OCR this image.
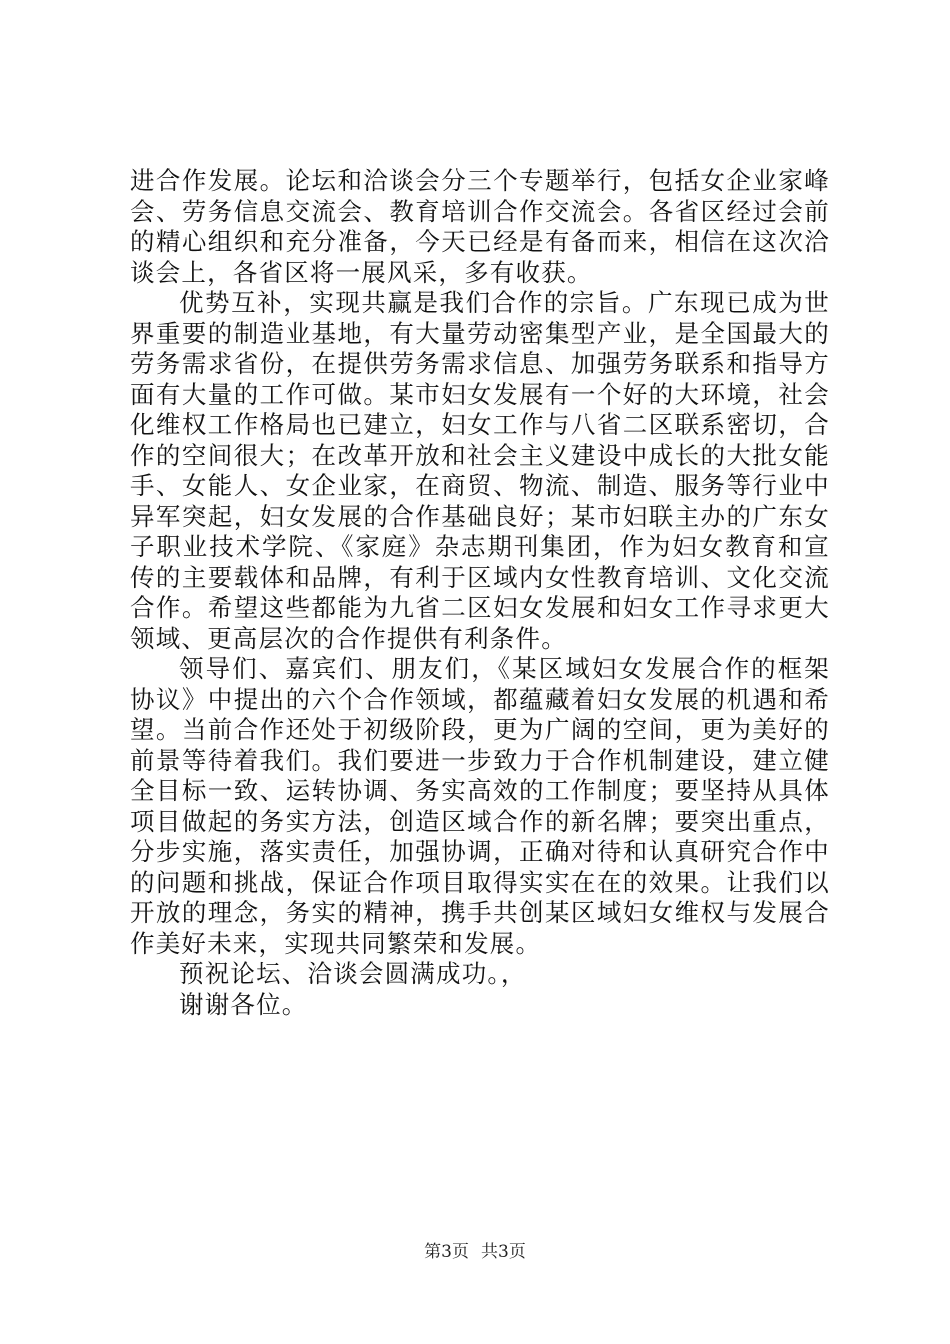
进合作发展。论坛和洽谈会分三个专题举行，包括女企业家峰会、劳务信息交流会、教育培训合作交流会。各省区经过会前的精心组织和充分准备，今天已经是有备而来，相信在这次洽谈会上，各省区将一展风采，多有收获。

优势互补，实现共赢是我们合作的宗旨。广东现已成为世界重要的制造业基地，有大量劳动密集型产业，是全国最大的劳务需求省份，在提供劳务需求信息、加强劳务联系和指导方面有大量的工作可做。某市妇女发展有一个好的大环境，社会化维权工作格局也已建立，妇女工作与八省二区联系密切，合作的空间很大；在改革开放和社会主义建设中成长的大批女能手、女能人、女企业家，在商贸、物流、制造、服务等行业中异军突起，妇女发展的合作基础良好；某市妇联主办的广东女子职业技术学院、《家庭》杂志期刊集团，作为妇女教育和宣传的主要载体和品牌，有利于区域内女性教育培训、文化交流合作。希望这些都能为九省二区妇女发展和妇女工作寻求更大领域、更高层次的合作提供有利条件。

领导们、嘉宾们、朋友们，《某区域妇女发展合作的框架协议》中提出的六个合作领域，都蕴藏着妇女发展的机遇和希望。当前合作还处于初级阶段，更为广阔的空间，更为美好的前景等待着我们。我们要进一步致力于合作机制建设，建立健全目标一致、运转协调、务实高效的工作制度；要坚持从具体项目做起的务实方法，创造区域合作的新名牌；要突出重点，分步实施，落实责任，加强协调，正确对待和认真研究合作中的问题和挑战，保证合作项目取得实实在在的效果。让我们以开放的理念，务实的精神，携手共创某区域妇女维权与发展合作美好未来，实现共同繁荣和发展。

预祝论坛、洽谈会圆满成功。，

谢谢各位。

第3页 共3页
